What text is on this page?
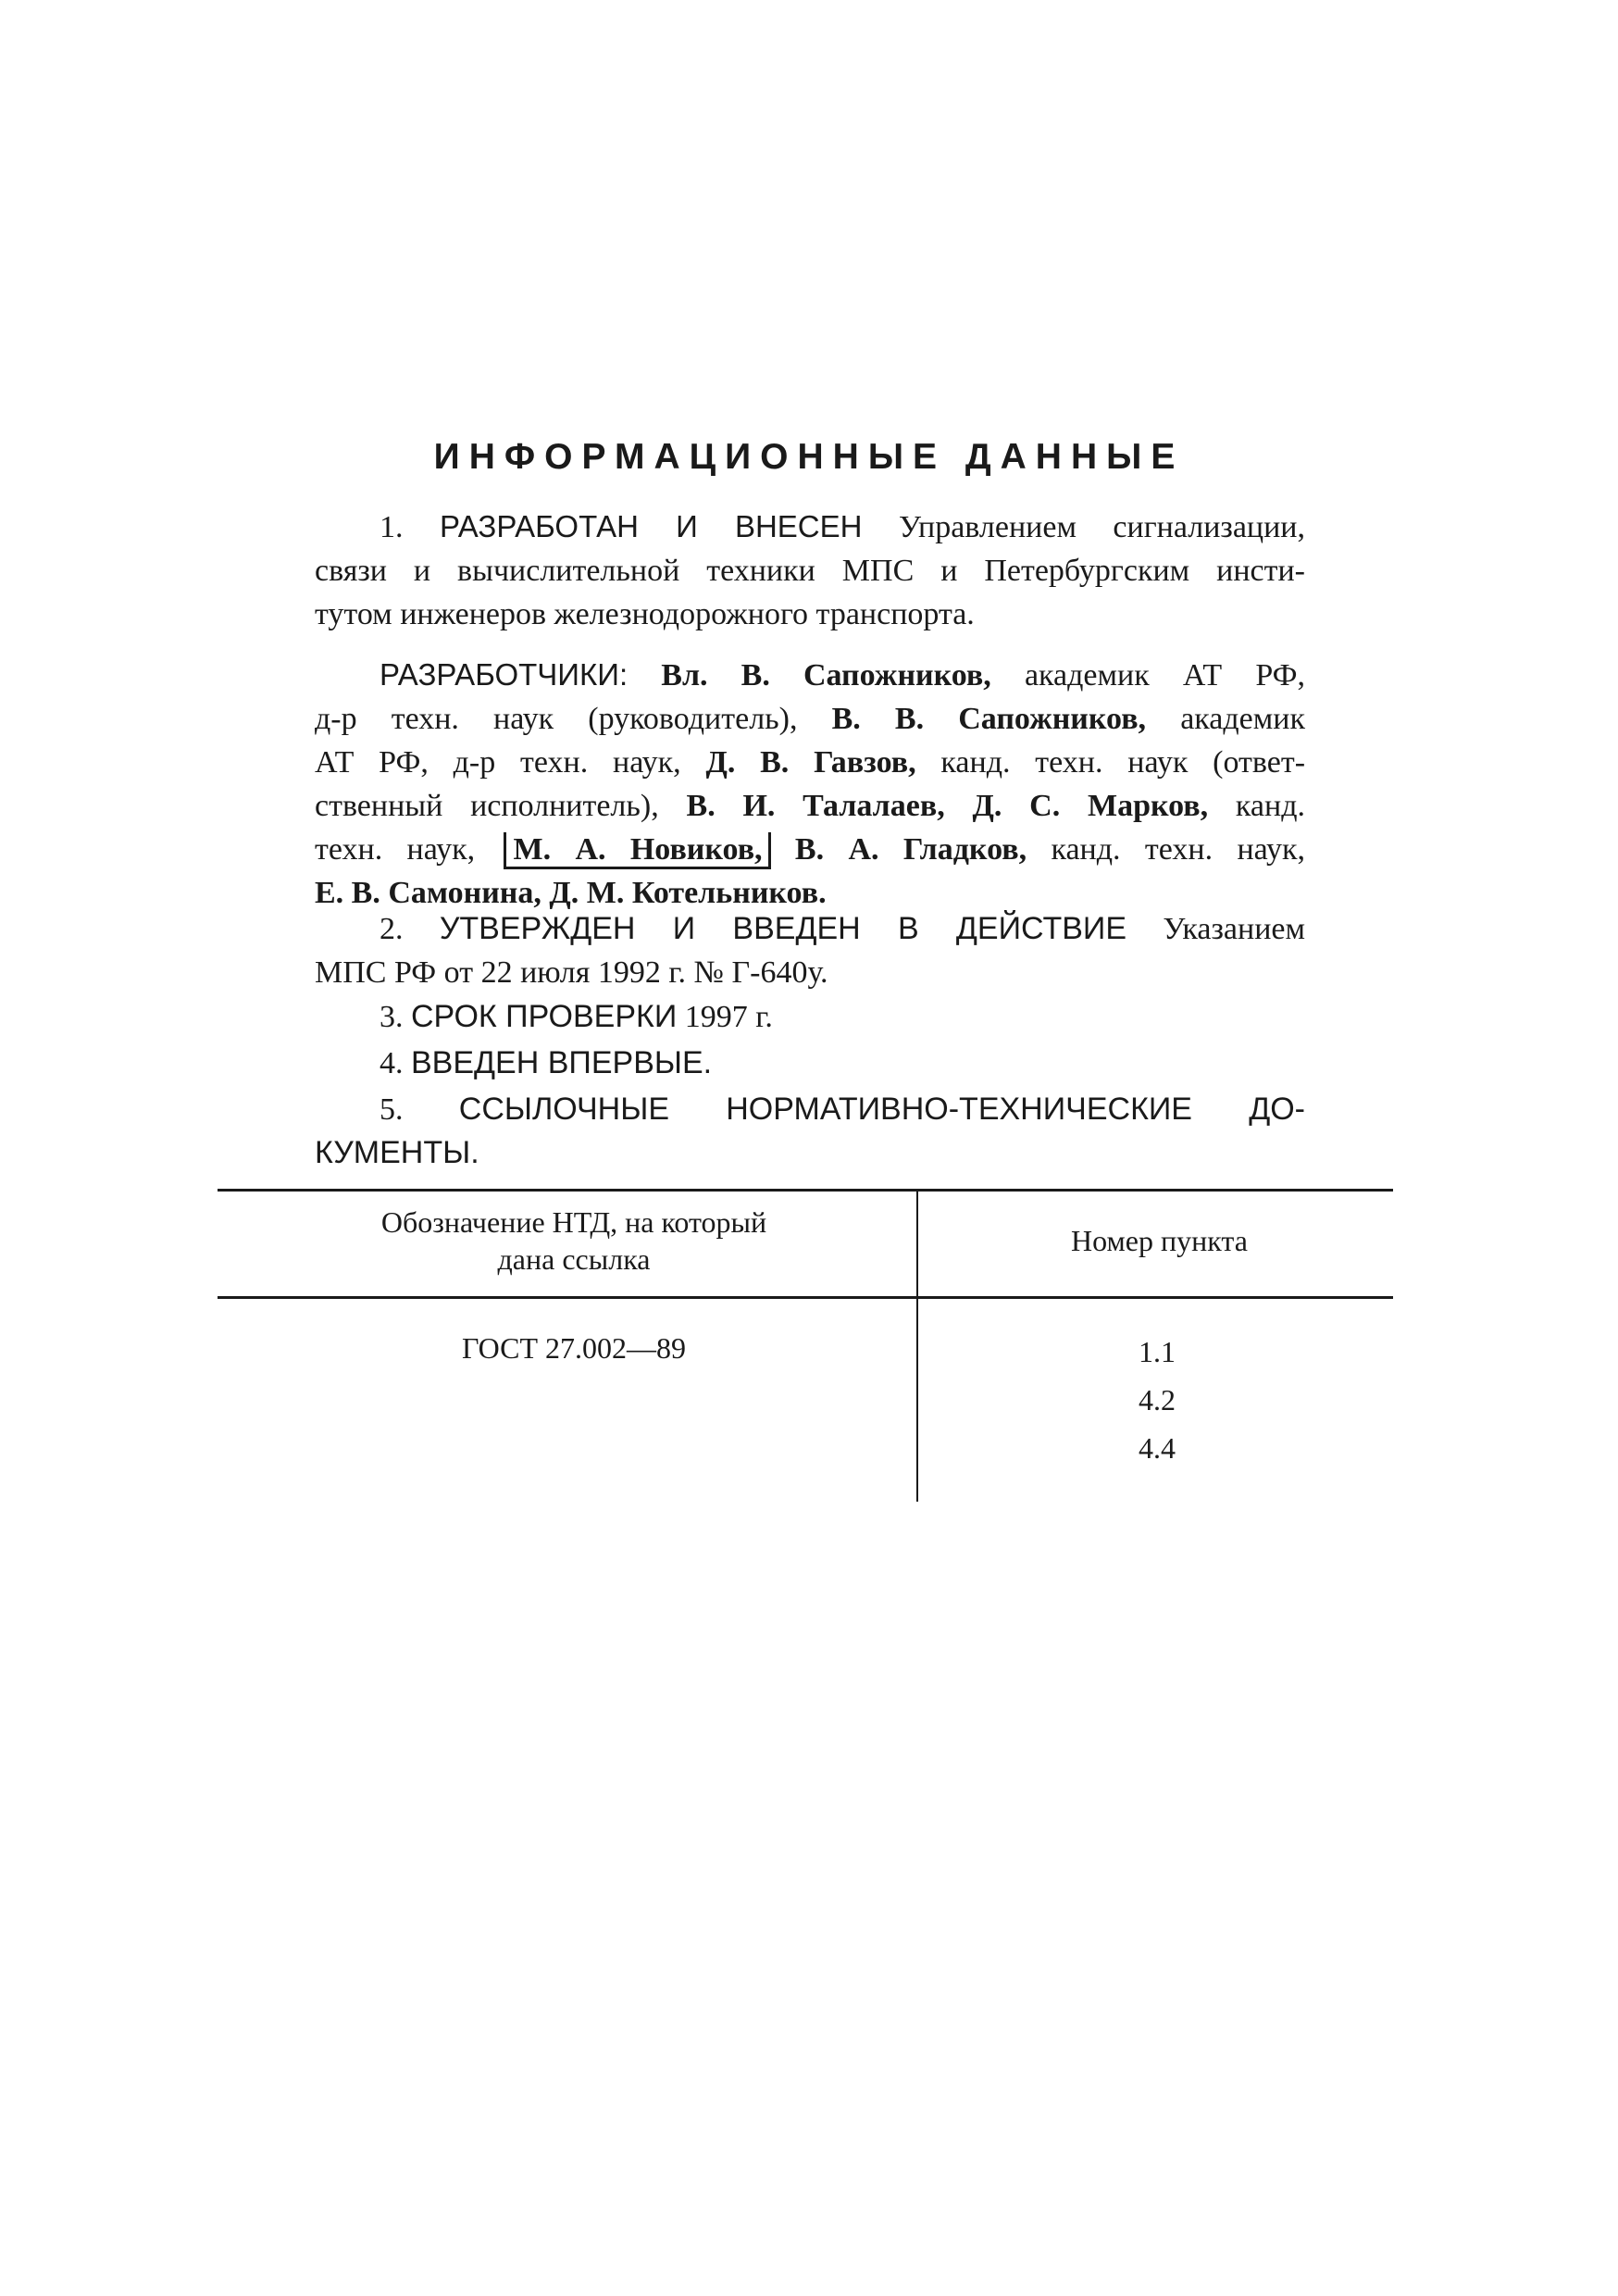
ИНФОРМАЦИОННЫЕ ДАННЫЕ
1. РАЗРАБОТАН И ВНЕСЕН Управлением сигнализации,
связи и вычислительной техники МПС и Петербургским инсти-
тутом инженеров железнодорожного транспорта.
РАЗРАБОТЧИКИ: Вл. В. Сапожников, академик АТ РФ,
д-р техн. наук (руководитель), В. В. Сапожников, академик
АТ РФ, д-р техн. наук, Д. В. Гавзов, канд. техн. наук (ответ-
ственный исполнитель), В. И. Талалаев, Д. С. Марков, канд.
техн. наук, М. А. Новиков, В. А. Гладков, канд. техн. наук,
Е. В. Самонина, Д. М. Котельников.
2. УТВЕРЖДЕН И ВВЕДЕН В ДЕЙСТВИЕ Указанием
МПС РФ от 22 июля 1992 г. № Г-640у.
3. СРОК ПРОВЕРКИ 1997 г.
4. ВВЕДЕН ВПЕРВЫЕ.
5. ССЫЛОЧНЫЕ НОРМАТИВНО-ТЕХНИЧЕСКИЕ ДО-
КУМЕНТЫ.
Обозначение НТД, на который
дана ссылка
Номер пункта
ГОСТ 27.002—89	1.1
4.2
4.4
